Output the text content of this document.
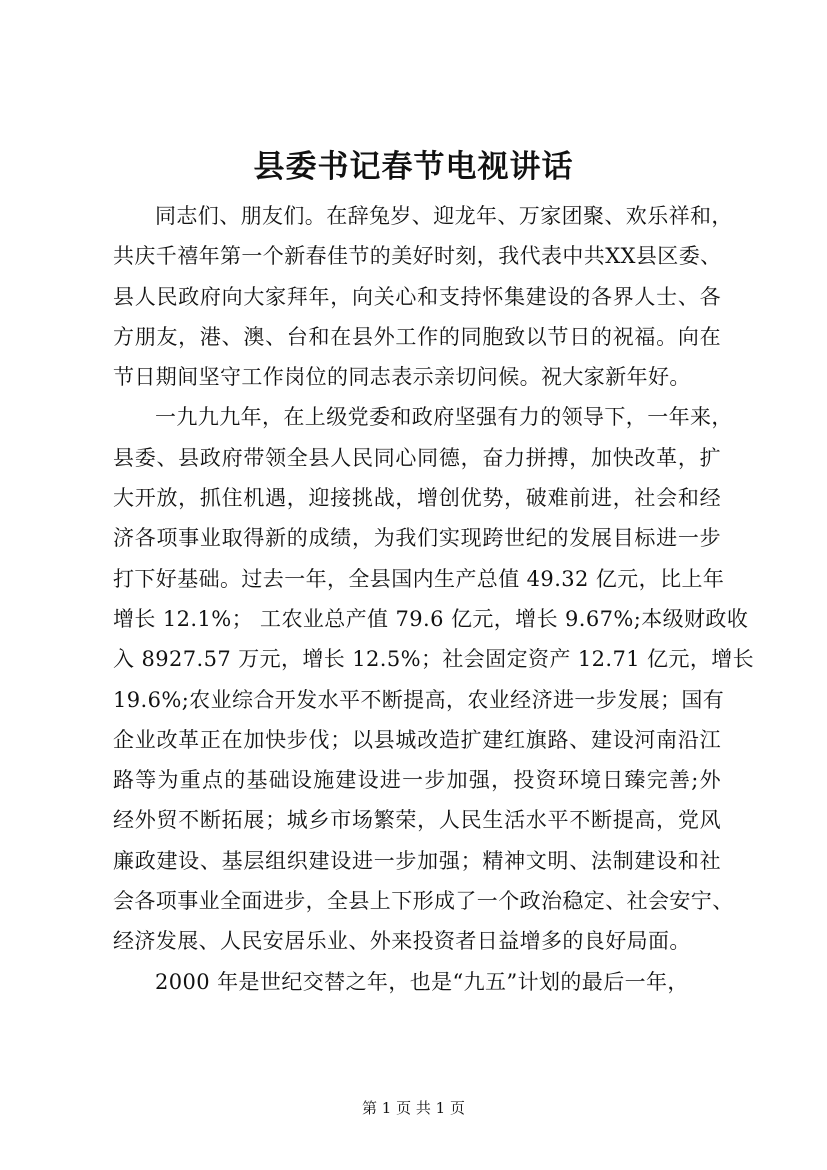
县委书记春节电视讲话
同志们、朋友们。在辞兔岁、迎龙年、万家团聚、欢乐祥和，
共庆千禧年第一个新春佳节的美好时刻，我代表中共XX县区委、
县人民政府向大家拜年，向关心和支持怀集建设的各界人士、各
方朋友，港、澳、台和在县外工作的同胞致以节日的祝福。向在
节日期间坚守工作岗位的同志表示亲切问候。祝大家新年好。
一九九九年，在上级党委和政府坚强有力的领导下，一年来，
县委、县政府带领全县人民同心同德，奋力拼搏，加快改革，扩
大开放，抓住机遇，迎接挑战，增创优势，破难前进，社会和经
济各项事业取得新的成绩，为我们实现跨世纪的发展目标进一步
打下好基础。过去一年，全县国内生产总值 49.32 亿元，比上年
增长 12.1%； 工农业总产值 79.6 亿元，增长 9.67%;本级财政收
入 8927.57 万元，增长 12.5%；社会固定资产 12.71 亿元，增长
19.6%;农业综合开发水平不断提高，农业经济进一步发展；国有
企业改革正在加快步伐；以县城改造扩建红旗路、建设河南沿江
路等为重点的基础设施建设进一步加强，投资环境日臻完善;外
经外贸不断拓展；城乡市场繁荣，人民生活水平不断提高，党风
廉政建设、基层组织建设进一步加强；精神文明、法制建设和社
会各项事业全面进步，全县上下形成了一个政治稳定、社会安宁、
经济发展、人民安居乐业、外来投资者日益增多的良好局面。
2000 年是世纪交替之年，也是“九五”计划的最后一年，
第 1 页 共 1 页
